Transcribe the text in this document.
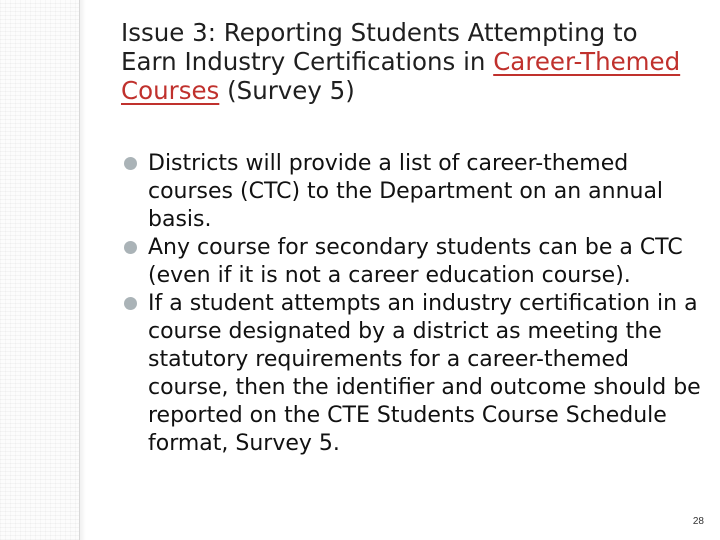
Issue 3: Reporting Students Attempting to Earn Industry Certifications in Career-Themed Courses (Survey 5)
Districts will provide a list of career-themed courses (CTC) to the Department on an annual basis.
Any course for secondary students can be a CTC (even if it is not a career education course).
If a student attempts an industry certification in a course designated by a district as meeting the statutory requirements for a career-themed course, then the identifier and outcome should be reported on the CTE Students Course Schedule format, Survey 5.
28
